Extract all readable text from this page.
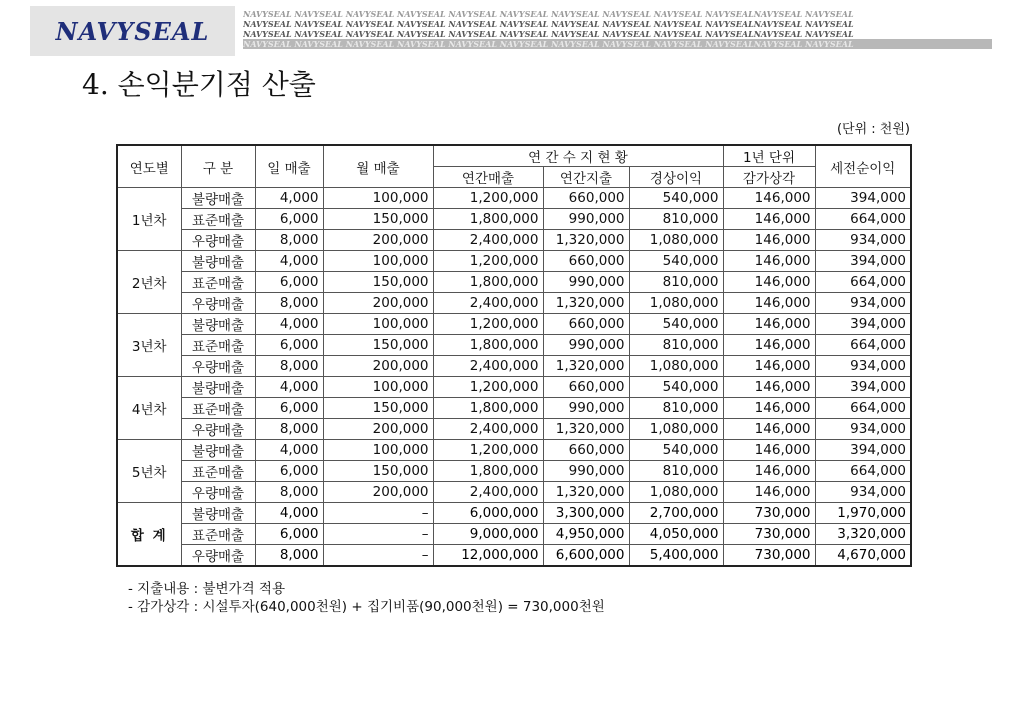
NAVYSEAL
NAVYSEAL NAVYSEAL NAVYSEAL NAVYSEAL NAVYSEAL NAVYSEAL NAVYSEAL NAVYSEAL NAVYSEAL NAVYSEALNAVYSEAL NAVYSEAL
NAVYSEAL NAVYSEAL NAVYSEAL NAVYSEAL NAVYSEAL NAVYSEAL NAVYSEAL NAVYSEAL NAVYSEAL NAVYSEALNAVYSEAL NAVYSEAL
NAVYSEAL NAVYSEAL NAVYSEAL NAVYSEAL NAVYSEAL NAVYSEAL NAVYSEAL NAVYSEAL NAVYSEAL NAVYSEALNAVYSEAL NAVYSEAL
NAVYSEAL NAVYSEAL NAVYSEAL NAVYSEAL NAVYSEAL NAVYSEAL NAVYSEAL NAVYSEAL NAVYSEAL NAVYSEALNAVYSEAL NAVYSEAL
4. 손익분기점 산출
(단위 : 천원)
연도별	구 분	일 매출	월 매출	연 간 수 지 현 황			1년 단위	세전순이익
				연간매출	연간지출	경상이익	감가상각	
1년차	불량매출	4,000	100,000	1,200,000	660,000	540,000	146,000	394,000
	표준매출	6,000	150,000	1,800,000	990,000	810,000	146,000	664,000
	우량매출	8,000	200,000	2,400,000	1,320,000	1,080,000	146,000	934,000
2년차	불량매출	4,000	100,000	1,200,000	660,000	540,000	146,000	394,000
	표준매출	6,000	150,000	1,800,000	990,000	810,000	146,000	664,000
	우량매출	8,000	200,000	2,400,000	1,320,000	1,080,000	146,000	934,000
3년차	불량매출	4,000	100,000	1,200,000	660,000	540,000	146,000	394,000
	표준매출	6,000	150,000	1,800,000	990,000	810,000	146,000	664,000
	우량매출	8,000	200,000	2,400,000	1,320,000	1,080,000	146,000	934,000
4년차	불량매출	4,000	100,000	1,200,000	660,000	540,000	146,000	394,000
	표준매출	6,000	150,000	1,800,000	990,000	810,000	146,000	664,000
	우량매출	8,000	200,000	2,400,000	1,320,000	1,080,000	146,000	934,000
5년차	불량매출	4,000	100,000	1,200,000	660,000	540,000	146,000	394,000
	표준매출	6,000	150,000	1,800,000	990,000	810,000	146,000	664,000
	우량매출	8,000	200,000	2,400,000	1,320,000	1,080,000	146,000	934,000
합 계	불량매출	4,000	–	6,000,000	3,300,000	2,700,000	730,000	1,970,000
	표준매출	6,000	–	9,000,000	4,950,000	4,050,000	730,000	3,320,000
	우량매출	8,000	–	12,000,000	6,600,000	5,400,000	730,000	4,670,000
- 지출내용 : 불변가격 적용
- 감가상각 : 시설투자(640,000천원) + 집기비품(90,000천원) = 730,000천원
